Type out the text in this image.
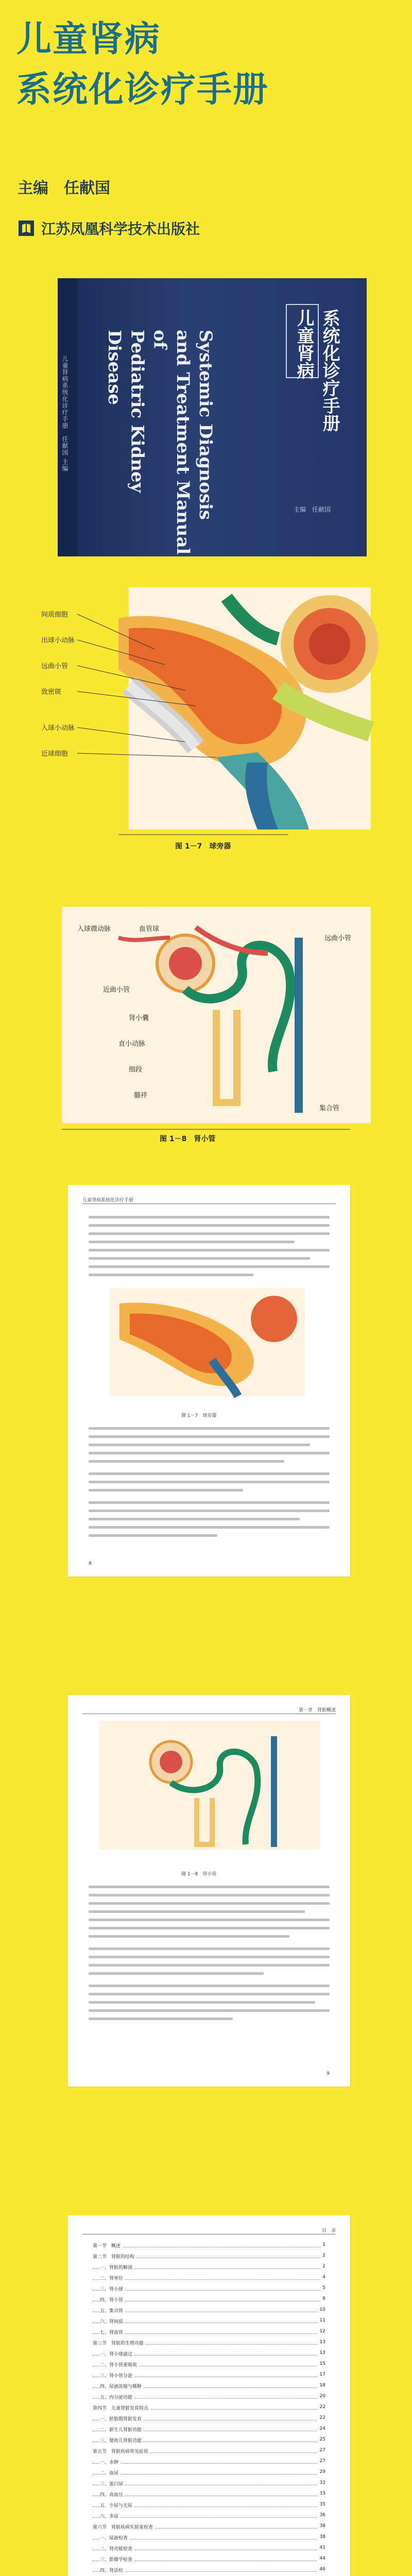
儿童肾病
系统化诊疗手册
主编　任献国
江苏凤凰科学技术出版社
儿童肾病系统化诊疗手册　任献国 主编	Systemic Diagnosis
and Treatment Manual of
Pediatric Kidney Disease	儿童肾病 系统化诊疗手册
主编　任献国
间质细胞
出球小动脉
远曲小管
致密斑
入球小动脉
近球细胞
图 1－7　球旁器
入球微动脉	血管球
远曲小管
近曲小管
肾小囊
直小动脉
细段
髓袢
集合管
图 1－8　肾小管
儿童肾病系统化诊疗手册
图 1－7　球旁器
8
第一章　肾脏概述
图 1－8　肾小管
9
目　录
第一节　概述	1
第二节　肾脏的结构	2
一、肾脏的解剖	2
二、肾单位	4
三、肾小球	5
四、肾小管	8
五、集合管	10
六、肾间质	11
七、肾血管	12
第三节　肾脏的生理功能	13
一、肾小球滤过	13
二、肾小管重吸收	15
三、肾小管分泌	17
四、尿液浓缩与稀释	18
五、内分泌功能	20
第四节　儿童肾脏发育特点	22
一、胚胎期肾脏发育	22
二、新生儿肾脏功能	24
三、婴幼儿肾脏功能	25
第五节　肾脏疾病常见症状	27
一、水肿	27
二、血尿	29
三、蛋白尿	31
四、高血压	33
五、少尿与无尿	35
六、多尿	36
第六节　肾脏疾病实验室检查	38
一、尿液检查	38
二、肾功能检查	41
三、影像学检查	44
四、肾活检	46
